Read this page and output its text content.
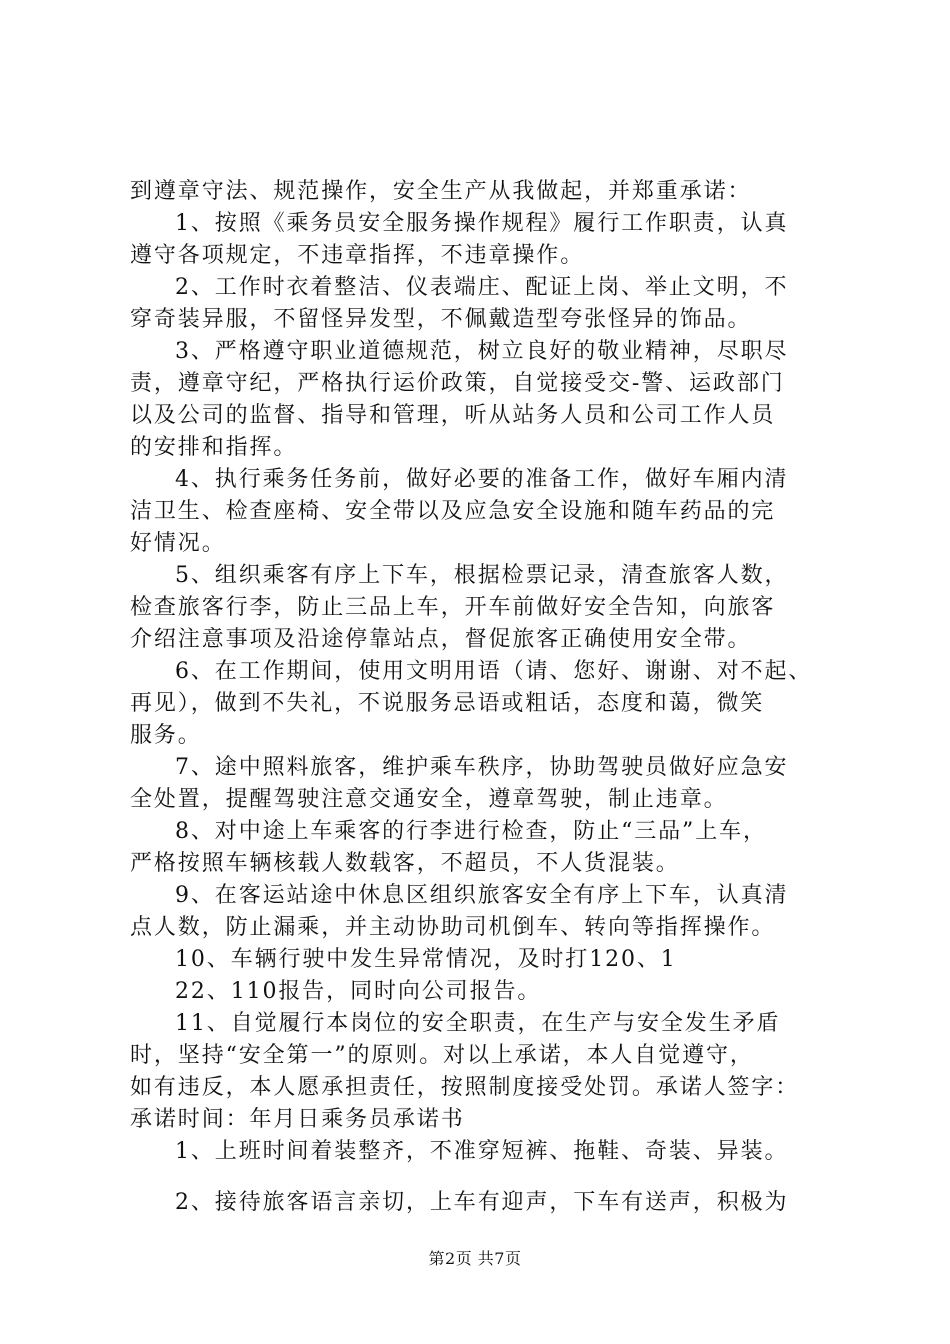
到遵章守法、规范操作，安全生产从我做起，并郑重承诺：
1、按照《乘务员安全服务操作规程》履行工作职责，认真
遵守各项规定，不违章指挥，不违章操作。
2、工作时衣着整洁、仪表端庄、配证上岗、举止文明，不
穿奇装异服，不留怪异发型，不佩戴造型夸张怪异的饰品。
3、严格遵守职业道德规范，树立良好的敬业精神，尽职尽
责，遵章守纪，严格执行运价政策，自觉接受交-警、运政部门
以及公司的监督、指导和管理，听从站务人员和公司工作人员
的安排和指挥。
4、执行乘务任务前，做好必要的准备工作，做好车厢内清
洁卫生、检查座椅、安全带以及应急安全设施和随车药品的完
好情况。
5、组织乘客有序上下车，根据检票记录，清查旅客人数，
检查旅客行李，防止三品上车，开车前做好安全告知，向旅客
介绍注意事项及沿途停靠站点，督促旅客正确使用安全带。
6、在工作期间，使用文明用语（请、您好、谢谢、对不起、
再见），做到不失礼，不说服务忌语或粗话，态度和蔼，微笑
服务。
7、途中照料旅客，维护乘车秩序，协助驾驶员做好应急安
全处置，提醒驾驶注意交通安全，遵章驾驶，制止违章。
8、对中途上车乘客的行李进行检查，防止“三品”上车，
严格按照车辆核载人数载客，不超员，不人货混装。
9、在客运站途中休息区组织旅客安全有序上下车，认真清
点人数，防止漏乘，并主动协助司机倒车、转向等指挥操作。
10、车辆行驶中发生异常情况，及时打120、1
22、110报告，同时向公司报告。
11、自觉履行本岗位的安全职责，在生产与安全发生矛盾
时，坚持“安全第一”的原则。对以上承诺，本人自觉遵守，
如有违反，本人愿承担责任，按照制度接受处罚。承诺人签字：
承诺时间：年月日乘务员承诺书
1、上班时间着装整齐，不准穿短裤、拖鞋、奇装、异装。
2、接待旅客语言亲切，上车有迎声，下车有送声，积极为
第2页 共7页
